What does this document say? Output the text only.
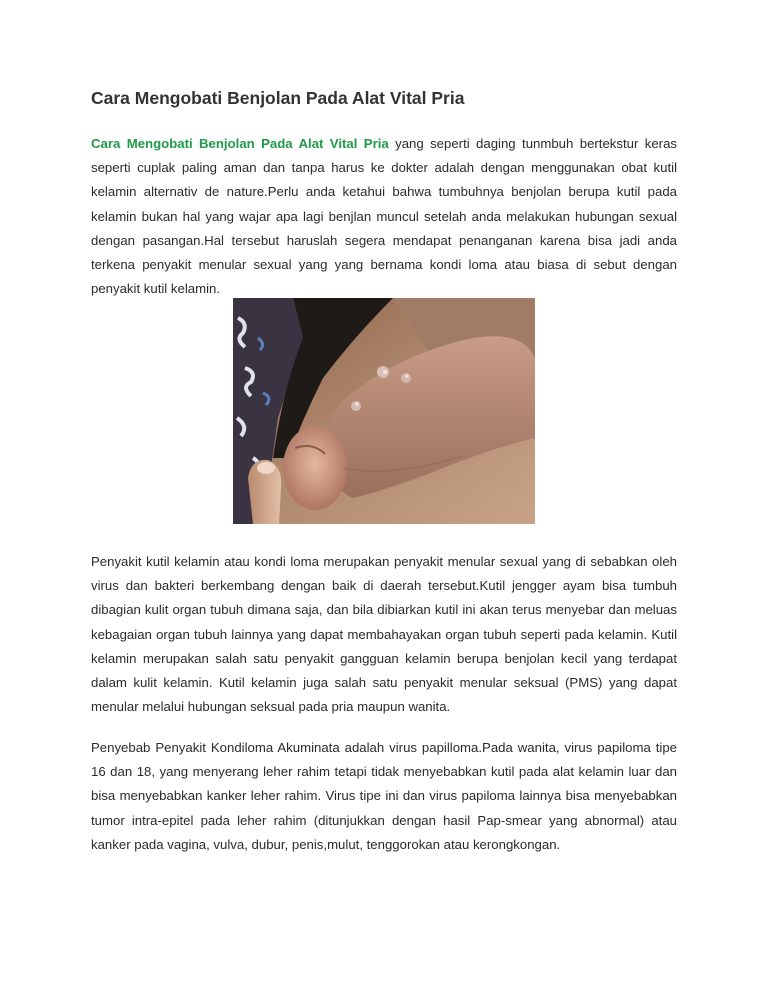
Cara Mengobati Benjolan Pada Alat Vital Pria

Cara Mengobati Benjolan Pada Alat Vital Pria yang seperti daging tunmbuh bertekstur keras seperti cuplak paling aman dan tanpa harus ke dokter adalah dengan menggunakan obat kutil kelamin alternativ de nature.Perlu anda ketahui bahwa tumbuhnya benjolan berupa kutil pada kelamin bukan hal yang wajar apa lagi benjlan muncul setelah anda melakukan hubungan sexual dengan pasangan.Hal tersebut haruslah segera mendapat penanganan karena bisa jadi anda terkena penyakit menular sexual yang yang bernama kondi loma atau biasa di sebut dengan penyakit kutil kelamin.

Penyakit kutil kelamin atau kondi loma merupakan penyakit menular sexual yang di sebabkan oleh virus dan bakteri berkembang dengan baik di daerah tersebut.Kutil jengger ayam bisa tumbuh dibagian kulit organ tubuh dimana saja, dan bila dibiarkan kutil ini akan terus menyebar dan meluas kebagaian organ tubuh lainnya yang dapat membahayakan organ tubuh seperti pada kelamin. Kutil kelamin merupakan salah satu penyakit gangguan kelamin berupa benjolan kecil yang terdapat dalam kulit kelamin. Kutil kelamin juga salah satu penyakit menular seksual (PMS) yang dapat menular melalui hubungan seksual pada pria maupun wanita.

Penyebab Penyakit Kondiloma Akuminata adalah virus papilloma.Pada wanita, virus papiloma tipe 16 dan 18, yang menyerang leher rahim tetapi tidak menyebabkan kutil pada alat kelamin luar dan bisa menyebabkan kanker leher rahim. Virus tipe ini dan virus papiloma lainnya bisa menyebabkan tumor intra-epitel pada leher rahim (ditunjukkan dengan hasil Pap-smear yang abnormal) atau kanker pada vagina, vulva, dubur, penis,mulut, tenggorokan atau kerongkongan.
